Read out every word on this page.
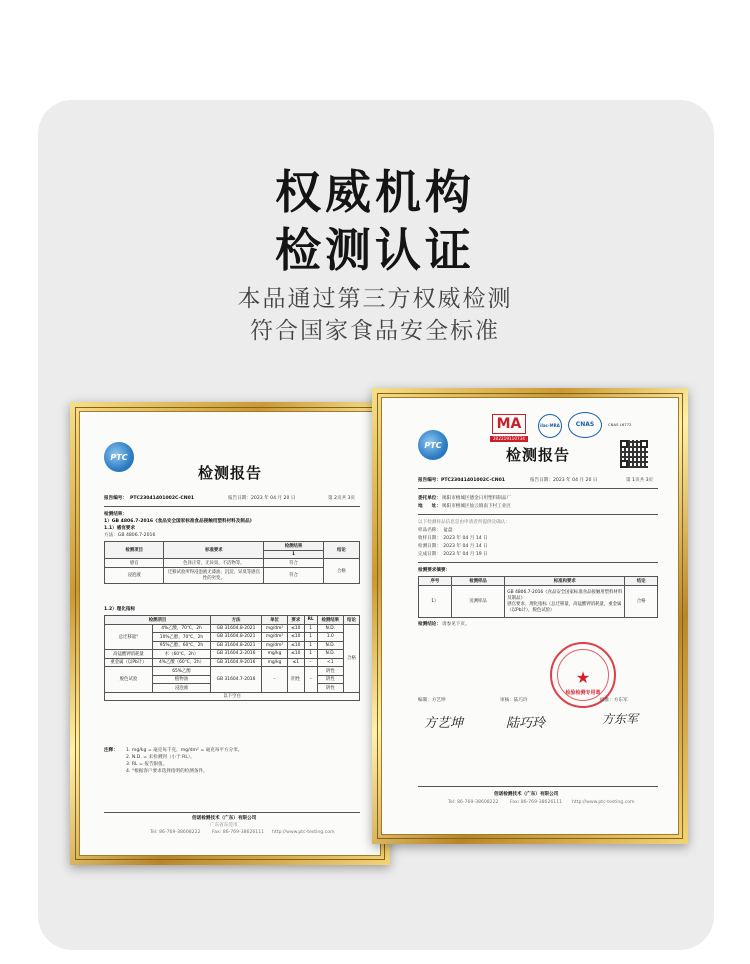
权威机构
检测认证
本品通过第三方权威检测
符合国家食品安全标准
PTC
检测报告
报告编号： PTC23041401002C-CN01	报告日期：2023 年 04 月 20 日	第 2页共 3页
检测结果：
1）GB 4806.7-2016《食品安全国家标准食品接触用塑料材料及制品》
1.1）感官要求
方法：GB 4806.7-2016
检测项目	标准要求	检测结果	结论
		1	
感官	色泽正常，无异臭、不洁物等。	符合	合格
浸泡液	迁移试验所得浸泡液无漆油、沉淀、异臭等感官性的劣变。	符合	
1.2）理化指标
检测项目		方法	单位	要求	RL	检测结果	结论
总迁移量°	4%乙酸，70℃，2h	GB 31604.8-2021	mg/dm²	≤10	1	N.D.	合格
	10%乙醇，70℃，2h	GB 31604.8-2021	mg/dm²	≤10	1	1.0	
	95%乙醇，60℃，2h	GB 31604.8-2021	mg/dm²	≤10	1	N.D.	
高锰酸钾消耗量	水（60℃，2h）	GB 31604.2-2016	mg/kg	≤10	1	N.D.	
重金属（以Pb计）	4%乙酸（60℃，2h）	GB 31604.9-2016	mg/kg	≤1	–	<1	
脱色试验	65%乙醇	GB 31604.7-2016	–	阴性	–	阴性	
	植物油					阴性	
	浸泡液					阴性	
以下空白							
注释： 1. mg/kg = 毫克每千克，mg/dm² = 毫克每平方分米。
2. N.D. = 未检测到（小于 RL）。
3. RL = 报告限值。
4. °根据客户要求选择指明的检测条件。
佰诺检测技术（广东）有限公司
广东省东莞市
Tel: 86-769-38608222	Fax: 86-769-38626111 http://www.ptc-testing.com
MA
202219110734
ilac-MRA	CNAS	CNAS L6772
PTC
检测报告
报告编号：PTC23041401002C-CN01	报告日期：2023 年 04 月 20 日	第 1页共 3页
委托单位： 揭阳市榕城区德金日用塑料制品厂
地　　址： 揭阳市榕城区仙云镇南下村工业区
以下检测样品信息是由申请者所提供及确认：
样品名称：　盆盘
收样日期：　2023 年 04 月 14 日
检测日期：　2023 年 04 月 14 日
完成日期：　2023 年 04 月 19 日
检测要求摘要：
序号	检测样品	标准和要求	结论
1）	送测样品	GB 4806.7-2016《食品安全国家标准食品接触用塑料材料及制品》
感官要求，理化指标（总迁移量，高锰酸钾消耗量，重金属（以Pb计），脱色试验）	合格
检测结论： 请参见下页。
★
检验检测专用章
编制：方艺坤	审核：陆巧玲	批准：方东军
方艺坤	陆巧玲	方东军
佰诺检测技术（广东）有限公司
Tel: 86-769-38608222	Fax: 86-769-38626111 http://www.ptc-testing.com
